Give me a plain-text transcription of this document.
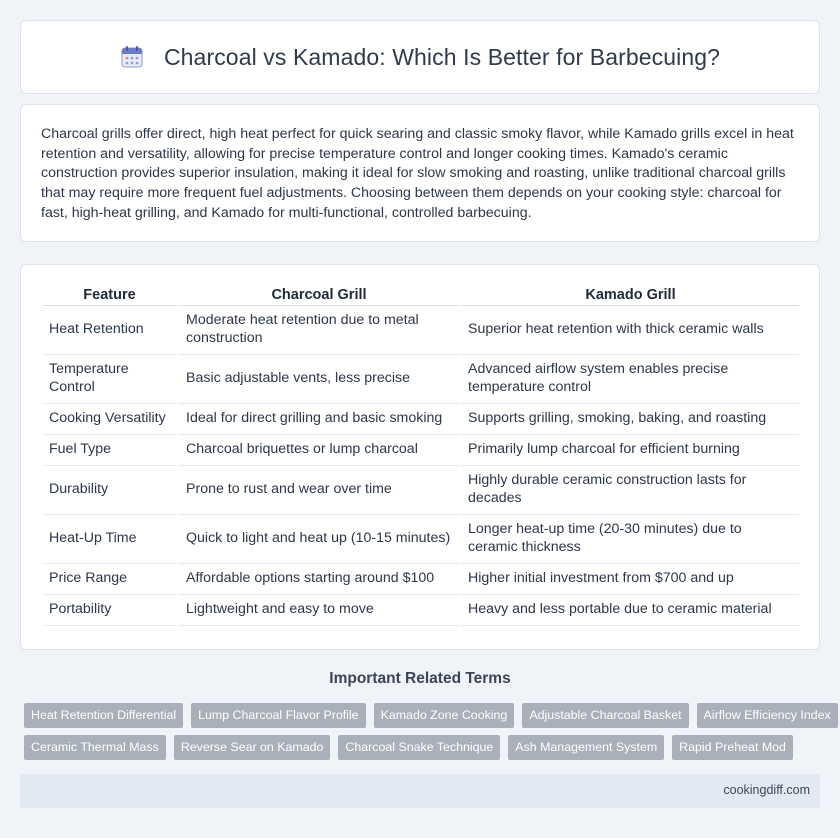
Charcoal vs Kamado: Which Is Better for Barbecuing?

Charcoal grills offer direct, high heat perfect for quick searing and classic smoky flavor, while Kamado grills excel in heat retention and versatility, allowing for precise temperature control and longer cooking times. Kamado's ceramic construction provides superior insulation, making it ideal for slow smoking and roasting, unlike traditional charcoal grills that may require more frequent fuel adjustments. Choosing between them depends on your cooking style: charcoal for fast, high-heat grilling, and Kamado for multi-functional, controlled barbecuing.

Feature	Charcoal Grill	Kamado Grill
Heat Retention	Moderate heat retention due to metal construction	Superior heat retention with thick ceramic walls
Temperature Control	Basic adjustable vents, less precise	Advanced airflow system enables precise temperature control
Cooking Versatility	Ideal for direct grilling and basic smoking	Supports grilling, smoking, baking, and roasting
Fuel Type	Charcoal briquettes or lump charcoal	Primarily lump charcoal for efficient burning
Durability	Prone to rust and wear over time	Highly durable ceramic construction lasts for decades
Heat-Up Time	Quick to light and heat up (10-15 minutes)	Longer heat-up time (20-30 minutes) due to ceramic thickness
Price Range	Affordable options starting around $100	Higher initial investment from $700 and up
Portability	Lightweight and easy to move	Heavy and less portable due to ceramic material
Important Related Terms
Heat Retention Differential	Lump Charcoal Flavor Profile	Kamado Zone Cooking	Adjustable Charcoal Basket	Airflow Efficiency Index
Ceramic Thermal Mass	Reverse Sear on Kamado	Charcoal Snake Technique	Ash Management System	Rapid Preheat Mod
cookingdiff.com
